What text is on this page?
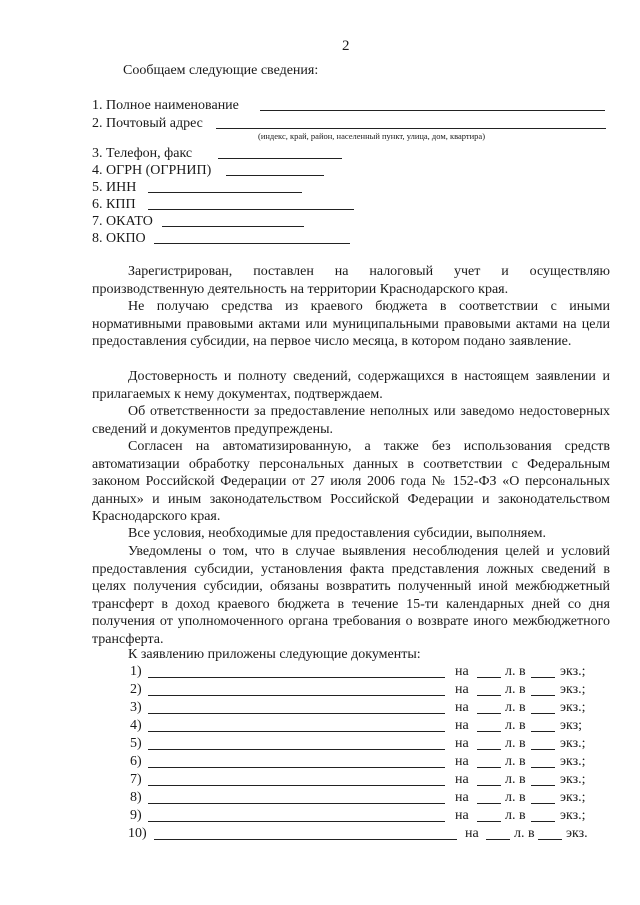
2
Сообщаем следующие сведения:
1. Полное наименование
2. Почтовый адрес
(индекс, край, район, населенный пункт, улица, дом, квартира)
3. Телефон, факс
4. ОГРН (ОГРНИП)
5. ИНН
6. КПП
7. ОКАТО
8. ОКПО

Зарегистрирован, поставлен на налоговый учет и осуществляю производственную деятельность на территории Краснодарского края.

Не получаю средства из краевого бюджета в соответствии с иными нормативными правовыми актами или муниципальными правовыми актами на цели предоставления субсидии, на первое число месяца, в котором подано заявление.

Достоверность и полноту сведений, содержащихся в настоящем заявлении и прилагаемых к нему документах, подтверждаем.

Об ответственности за предоставление неполных или заведомо недостоверных сведений и документов предупреждены.

Согласен на автоматизированную, а также без использования средств автоматизации обработку персональных данных в соответствии с Федеральным законом Российской Федерации от 27 июля 2006 года № 152-ФЗ «О персональных данных» и иным законодательством Российской Федерации и законодательством Краснодарского края.

Все условия, необходимые для предоставления субсидии, выполняем.

Уведомлены о том, что в случае выявления несоблюдения целей и условий предоставления субсидии, установления факта представления ложных сведений в целях получения субсидии, обязаны возвратить полученный иной межбюджетный трансферт в доход краевого бюджета в течение 15-ти календарных дней со дня получения от уполномоченного органа требования о возврате иного межбюджетного трансферта.

К заявлению приложены следующие документы:
1)	на	л. в экз.;
2)	на	л. в экз.;
3)	на	л. в экз.;
4)	на	л. в экз;
5)	на	л. в экз.;
6)	на	л. в экз.;
7)	на	л. в экз.;
8)	на	л. в экз.;
9)	на	л. в экз.;
10)	на	л. в экз.
